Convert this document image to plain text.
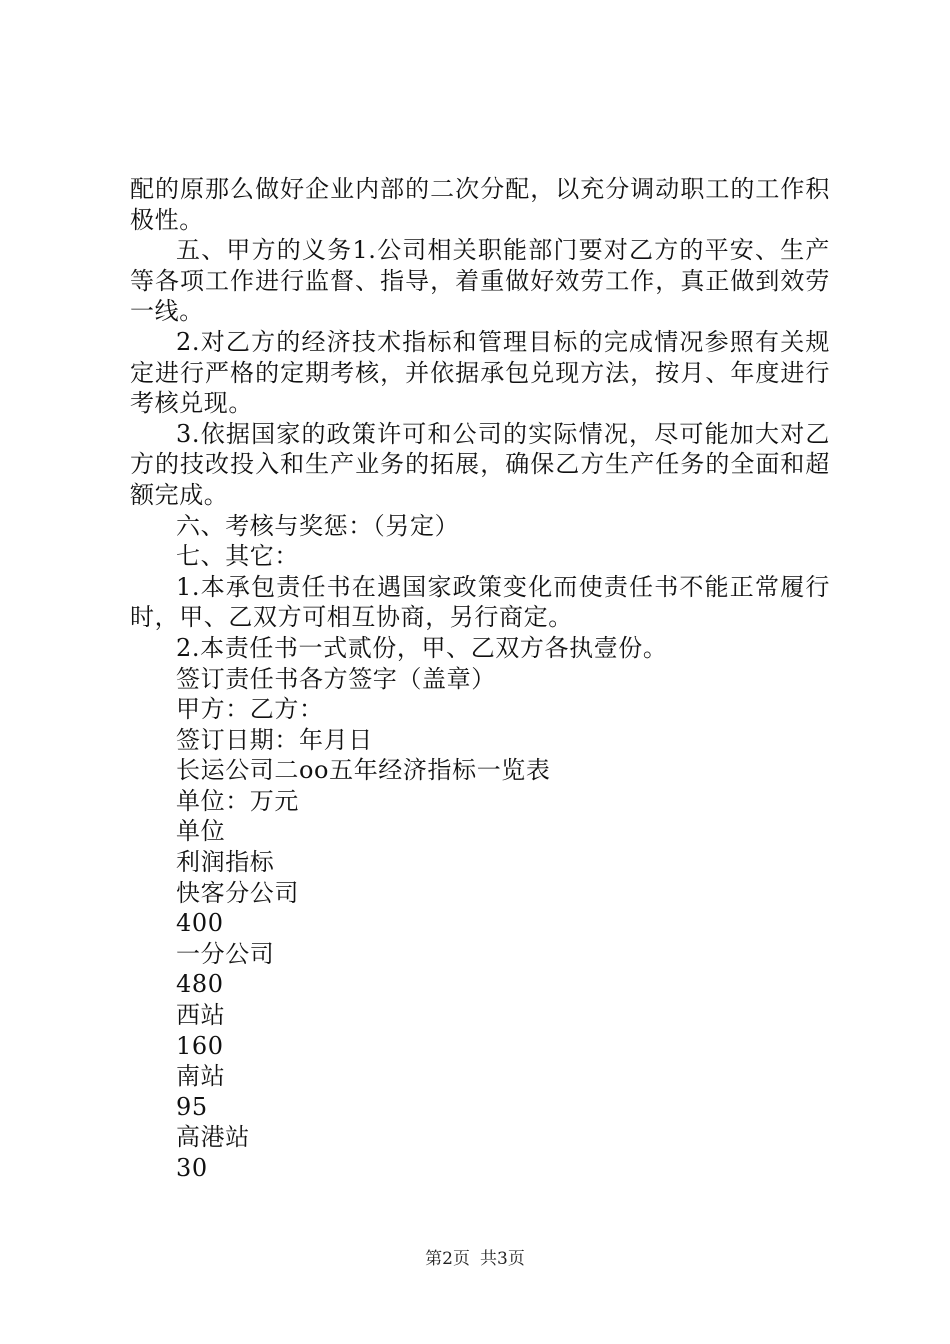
配的原那么做好企业内部的二次分配，以充分调动职工的工作积极性。

五、甲方的义务1.公司相关职能部门要对乙方的平安、生产等各项工作进行监督、指导，着重做好效劳工作，真正做到效劳一线。

2.对乙方的经济技术指标和管理目标的完成情况参照有关规定进行严格的定期考核，并依据承包兑现方法，按月、年度进行考核兑现。

3.依据国家的政策许可和公司的实际情况，尽可能加大对乙方的技改投入和生产业务的拓展，确保乙方生产任务的全面和超额完成。

六、考核与奖惩：（另定）

七、其它：

1.本承包责任书在遇国家政策变化而使责任书不能正常履行时，甲、乙双方可相互协商，另行商定。

2.本责任书一式贰份，甲、乙双方各执壹份。

签订责任书各方签字（盖章）

甲方：乙方：

签订日期：年月日

长运公司二oo五年经济指标一览表

单位：万元

单位

利润指标

快客分公司

400

一分公司

480

西站

160

南站

95

高港站

30

第2页 共3页
